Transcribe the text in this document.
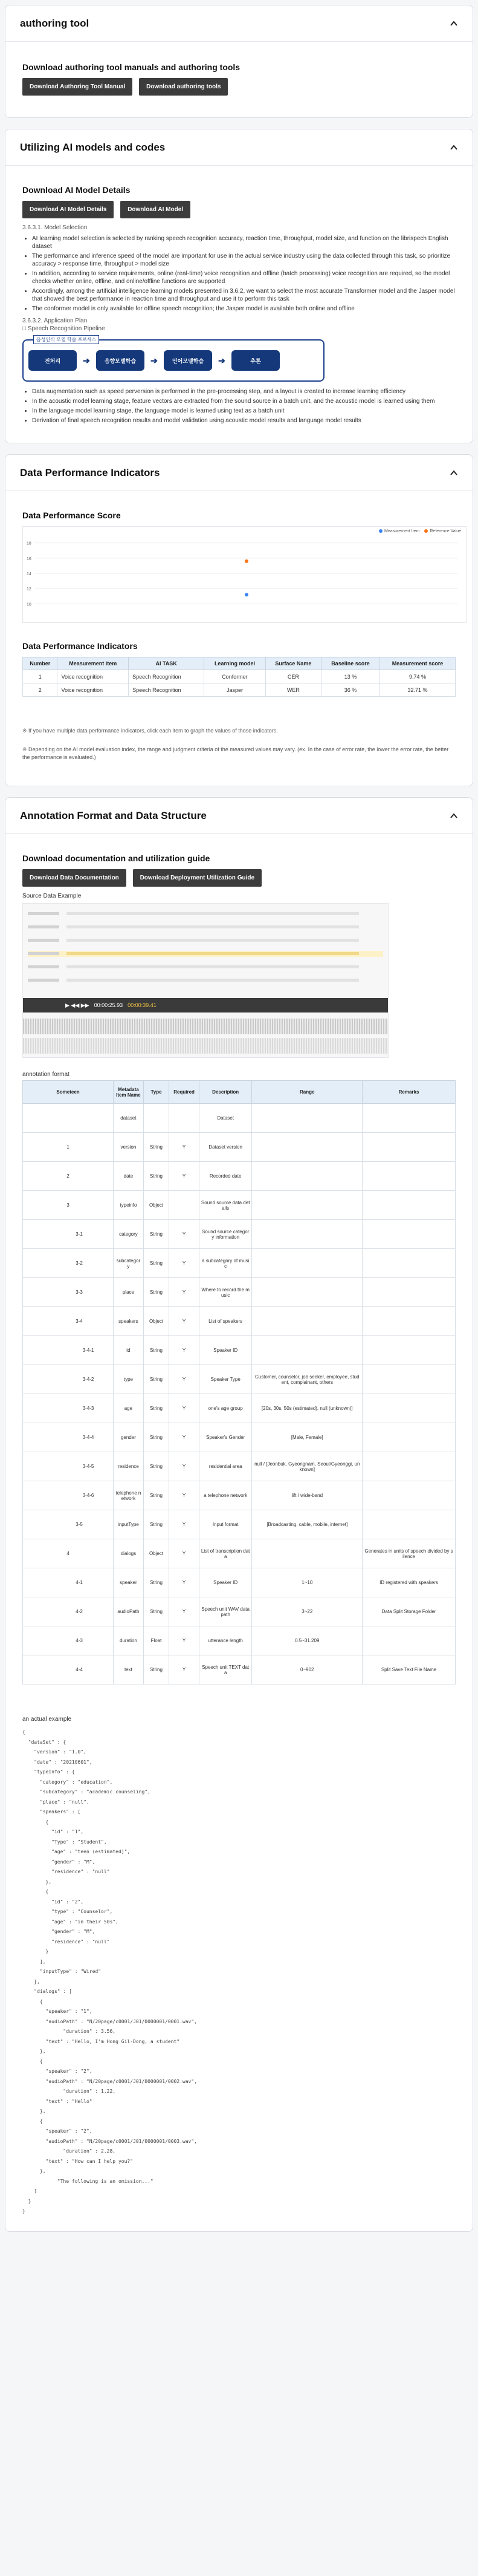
authoring tool
Download authoring tool manuals and authoring tools
Download Authoring Tool Manual	Download authoring tools
Utilizing AI models and codes
Download AI Model Details
Download AI Model Details	Download AI Model
3.6.3.1. Model Selection
• AI learning model selection is selected by ranking speech recognition accuracy, reaction time, throughput, model size, and function on the librispech English dataset
• The performance and inference speed of the model are important for use in the actual service industry using the data collected through this task, so prioritize accuracy > response time, throughput > model size
• In addition, according to service requirements, online (real-time) voice recognition and offline (batch processing) voice recognition are required, so the model checks whether online, offline, and online/offline functions are supported
• Accordingly, among the artificial intelligence learning models presented in 3.6.2, we want to select the most accurate Transformer model and the Jasper model that showed the best performance in reaction time and throughput and use it to perform this task
• The conformer model is only available for offline speech recognition; the Jasper model is available both online and offline
3.6.3.2. Application Plan
□ Speech Recognition Pipeline
음성인식 모델 학습 프로세스
전처리	➔	음향모델학습	➔	언어모델학습	➔	추론
• Data augmentation such as speed perversion is performed in the pre-processing step, and a layout is created to increase learning efficiency
• In the acoustic model learning stage, feature vectors are extracted from the sound source in a batch unit, and the acoustic model is learned using them
• In the language model learning stage, the language model is learned using text as a batch unit
• Derivation of final speech recognition results and model validation using acoustic model results and language model results
Data Performance Indicators
Data Performance Score
Measurement Item	Reference Value
18
16
14
12
10
Data Performance Indicators
Number	Measurement item	AI TASK	Learning model	Surface Name	Baseline score	Measurement score
1	Voice recognition	Speech Recognition	Conformer	CER	13 %	9.74 %
2	Voice recognition	Speech Recognition	Jasper	WER	36 %	32.71 %
※ If you have multiple data performance indicators, click each item to graph the values of those indicators.
※ Depending on the AI model evaluation index, the range and judgment criteria of the measured values may vary. (ex. In the case of error rate, the lower the error rate, the better the performance is evaluated.)
Annotation Format and Data Structure
Download documentation and utilization guide
Download Data Documentation	Download Deployment Utilization Guide
Source Data Example
▶ ◀◀ ▶▶ 00:00:25.93 00:00:39.41
annotation format
Someteen	Metadata Item Name	Type	Required	Description	Range	Remarks
	dataset			Dataset		
1	version	String	Y	Dataset version		
2	date	String	Y	Recorded date		
3	typeinfo	Object		Sound source data details		
3-1	category	String	Y	Sound source category information		
3-2	subcategory	String	Y	a subcategory of music		
3-3	place	String	Y	Where to record the music		
3-4	speakers	Object	Y	List of speakers		
3-4-1	id	String	Y	Speaker ID		
3-4-2	type	String	Y	Speaker Type	Customer, counselor, job seeker, employee, student, complainant, others	
3-4-3	age	String	Y	one's age group	[20s, 30s, 50s (estimated), null (unknown)]	
3-4-4	gender	String	Y	Speaker's Gender	[Male, Female]	
3-4-5	residence	String	Y	residential area	null / [Jeonbuk, Gyeongnam, Seoul/Gyeonggi, unknown]	
3-4-6	telephone network	String	Y	a telephone network	lift / wide-band	
3-5	inputType	String	Y	Input format	[Broadcasting, cable, mobile, internet]	
4	dialogs	Object	Y	List of transcription data		Generates in units of speech divided by silence
4-1	speaker	String	Y	Speaker ID	1~10	ID registered with speakers
4-2	audioPath	String	Y	Speech unit WAV data path	3~22	Data Split Storage Folder
4-3	duration	Float	Y	utterance length	0.5~31.209	
4-4	text	String	Y	Speech unit TEXT data	0~902	Split Save Text File Name
an actual example
{
"dataSet" : {
"version" : "1.0",
"date" : "20210601",
"typeInfo" : {
"category" : "education",
"subcategory" : "academic counseling",
"place" : "null",
"speakers" : [
{
"id" : "1",
"Type" : "Student",
"age" : "teen (estimated)",
"gender" : "M",
"residence" : "null"
},
{
"id" : "2",
"type" : "Counselor",
"age" : "in their 50s",
"gender" : "M",
"residence" : "null"
}
],
"inputType" : "Wired"
},
"dialogs" : [
{
"speaker" : "1",
"audioPath" : "N/20page/c0001/J01/0000001/0001.wav",
"duration" : 3.56,
"text" : "Hello, I'm Hong Gil-Dong, a student"
},
{
"speaker" : "2",
"audioPath" : "N/20page/c0001/J01/0000001/0002.wav",
"duration" : 1.22,
"text" : "Hello"
},
{
"speaker" : "2",
"audioPath" : "N/20page/c0001/J01/0000001/0003.wav",
"duration" : 2.28,
"text" : "How can I help you?"
},
"The following is an omission..."
]
}
}
